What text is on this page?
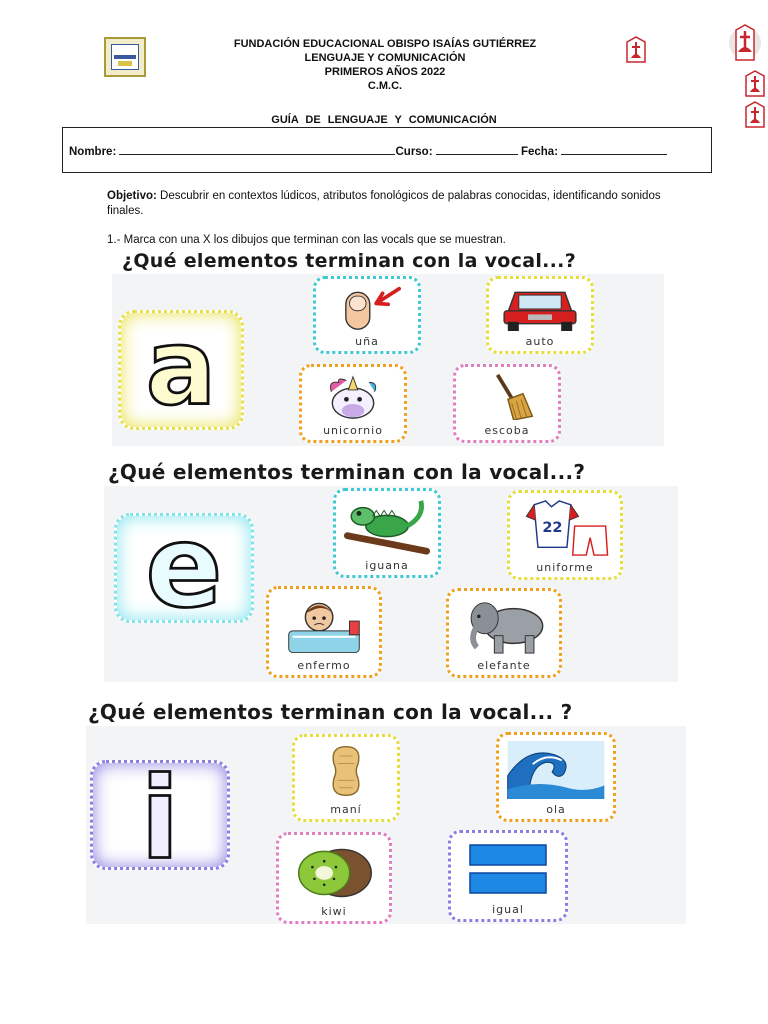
FUNDACIÓN EDUCACIONAL OBISPO ISAÍAS GUTIÉRREZ
LENGUAJE Y COMUNICACIÓN
PRIMEROS AÑOS 2022
C.M.C.
GUÍA DE LENGUAJE Y COMUNICACIÓN
Nombre:	Curso:	Fecha:
Objetivo: Descubrir en contextos lúdicos, atributos fonológicos de palabras conocidas, identificando sonidos finales.
1.- Marca con una X los dibujos que terminan con las vocals que se muestran.
¿Qué elementos terminan con la vocal...?
a	uña	auto
unicornio	escoba
¿Qué elementos terminan con la vocal...?
e	iguana
22
uniforme
enfermo	elefante
¿Qué elementos terminan con la vocal... ?
i	maní	ola
kiwi	igual
